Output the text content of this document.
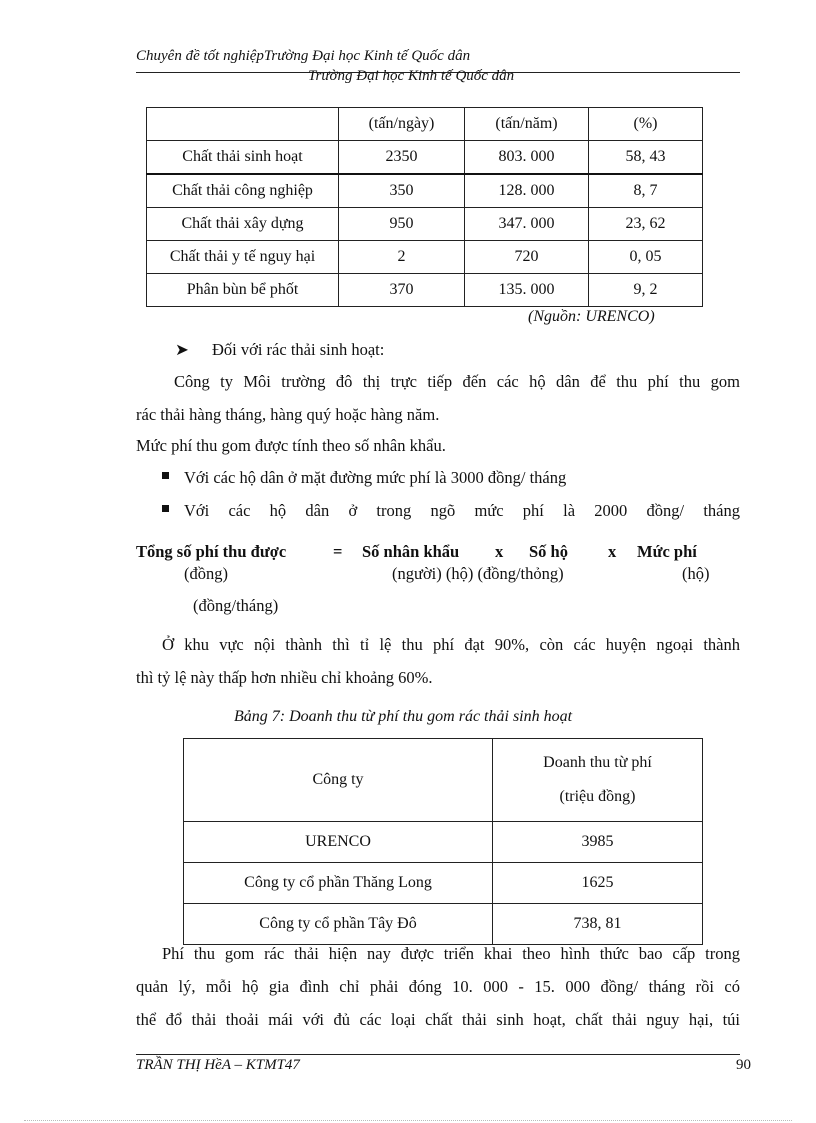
Chuyên đề tốt nghiệpTrường Đại học Kinh tế Quốc dân
Trường Đại học Kinh tế Quốc dân
	(tấn/ngày)	(tấn/năm)	(%)
Chất thải sinh hoạt	2350	803. 000	58, 43
Chất thải công nghiệp	350	128. 000	8, 7
Chất thải xây dựng	950	347. 000	23, 62
Chất thải y tế nguy hại	2	720	0, 05
Phân bùn bể phốt	370	135. 000	9, 2
(Nguồn: URENCO)
➤ Đối với rác thải sinh hoạt:
Công ty Môi trường đô thị trực tiếp đến các hộ dân để thu phí thu gom
rác thải hàng tháng, hàng quý hoặc hàng năm.
Mức phí thu gom được tính theo số nhân khẩu.
Với các hộ dân ở mặt đường mức phí là 3000 đồng/ tháng
Với các hộ dân ở trong ngõ mức phí là 2000 đồng/ tháng
Tổng số phí thu được	= Số nhân khẩu x Số hộ x Mức phí
(đồng)	(người) (hộ) (đồng/thỏng)	(hộ)
(đồng/tháng)
Ở khu vực nội thành thì tỉ lệ thu phí đạt 90%, còn các huyện ngoại thành
thì tỷ lệ này thấp hơn nhiều chỉ khoảng 60%.
Bảng 7: Doanh thu từ phí thu gom rác thải sinh hoạt
Công ty	Doanh thu từ phí
(triệu đồng)

URENCO	3985
Công ty cổ phần Thăng Long	1625
Công ty cổ phần Tây Đô	738, 81
Phí thu gom rác thải hiện nay được triển khai theo hình thức bao cấp trong
quản lý, mỗi hộ gia đình chỉ phải đóng 10. 000 - 15. 000 đồng/ tháng rồi có
thể đổ thải thoải mái với đủ các loại chất thải sinh hoạt, chất thải nguy hại, túi
TRẦN THỊ HềA – KTMT47	90
